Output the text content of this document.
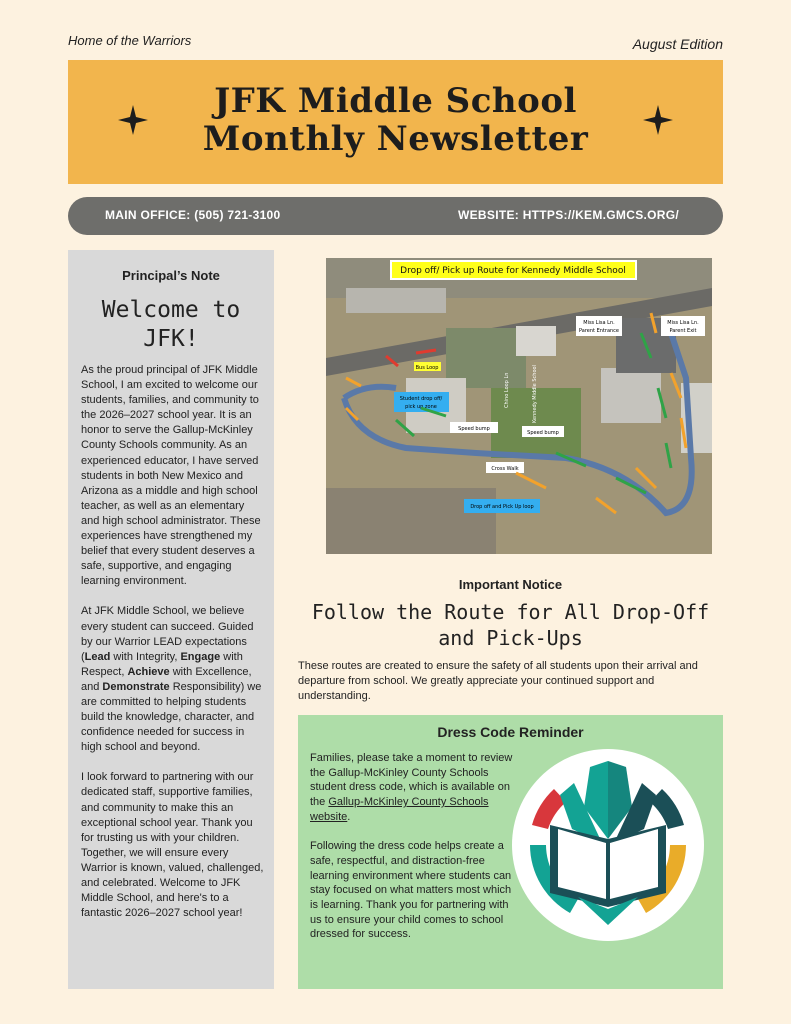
Home of the Warriors	August Edition
JFK Middle School
Monthly Newsletter
MAIN OFFICE: (505) 721-3100	WEBSITE: HTTPS://KEM.GMCS.ORG/
Principal’s Note
Welcome to
JFK!

As the proud principal of JFK Middle School, I am excited to welcome our students, families, and community to the 2026–2027 school year. It is an honor to serve the Gallup-McKinley County Schools community. As an experienced educator, I have served students in both New Mexico and Arizona as a middle and high school teacher, as well as an elementary and high school administrator. These experiences have strengthened my belief that every student deserves a safe, supportive, and engaging learning environment.

At JFK Middle School, we believe every student can succeed. Guided by our Warrior LEAD expectations (Lead with Integrity, Engage with Respect, Achieve with Excellence, and Demonstrate Responsibility) we are committed to helping students build the knowledge, character, and confidence needed for success in high school and beyond.

I look forward to partnering with our dedicated staff, supportive families, and community to make this an exceptional school year. Thank you for trusting us with your children. Together, we will ensure every Warrior is known, valued, challenged, and celebrated. Welcome to JFK Middle School, and here's to a fantastic 2026–2027 school year!

Bus Loop
Student drop off/
pick up zone
Speed bump
Speed bump
Cross Walk
Drop off and Pick Up loop
Miss Lisa Ln.
Parent Entrance
Miss Lisa Ln.
Parent Exit
Chino Loop Ln	Kennedy Middle School
Drop off/ Pick up Route for Kennedy Middle School
Important Notice
Follow the Route for All Drop-Off
and Pick-Ups
These routes are created to ensure the safety of all students upon their arrival and departure from school. We greatly appreciate your continued support and understanding.
Dress Code Reminder

Families, please take a moment to review the Gallup-McKinley County Schools student dress code, which is available on the Gallup-McKinley County Schools website.

Following the dress code helps create a safe, respectful, and distraction-free learning environment where students can stay focused on what matters most which is learning. Thank you for partnering with us to ensure your child comes to school dressed for success.
